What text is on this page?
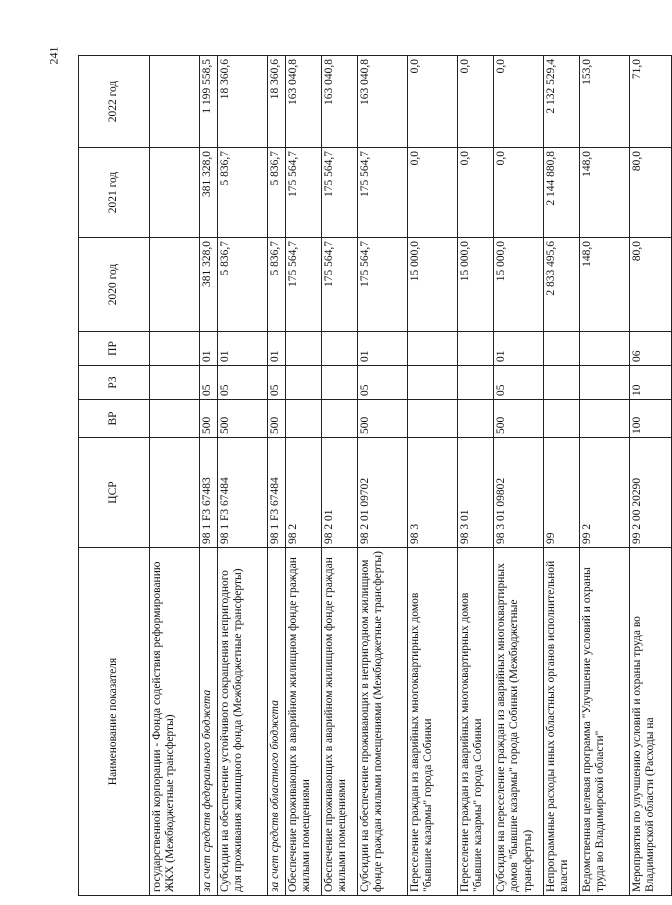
241
Наименование показателя	ЦСР	ВР	РЗ	ПР	2020 год	2021 год	2022 год
государственной корпорации - Фонда содействия реформированию ЖКХ (Межбюджетные трансферты)							
за счет средств федерального бюджета	98 1 F3 67483	500	05	01	381 328,0	381 328,0	1 199 558,5
Субсидии на обеспечение устойчивого сокращения непригодного для проживания жилищного фонда (Межбюджетные трансферты)	98 1 F3 67484	500	05	01	5 836,7	5 836,7	18 360,6
за счет средств областного бюджета	98 1 F3 67484	500	05	01	5 836,7	5 836,7	18 360,6
Обеспечение проживающих в аварийном жилищном фонде граждан жилыми помещениями	98 2				175 564,7	175 564,7	163 040,8
Обеспечение проживающих в аварийном жилищном фонде граждан жилыми помещениями	98 2 01				175 564,7	175 564,7	163 040,8
Субсидии на обеспечение проживающих в непригодном жилищном фонде граждан жилыми помещениями (Межбюджетные трансферты)	98 2 01 09702	500	05	01	175 564,7	175 564,7	163 040,8
Переселение граждан из аварийных многоквартирных домов "бывшие казармы" города Собинки	98 3				15 000,0	0,0	0,0
Переселение граждан из аварийных многоквартирных домов "бывшие казармы" города Собинки	98 3 01				15 000,0	0,0	0,0
Субсидия на переселение граждан из аварийных многоквартирных домов "бывшие казармы" города Собинки (Межбюджетные трансферты)	98 3 01 09802	500	05	01	15 000,0	0,0	0,0
Непрограммные расходы иных областных органов исполнительной власти	99				2 833 495,6	2 144 880,8	2 132 529,4
Ведомственная целевая программа "Улучшение условий и охраны труда во Владимирской области"	99 2				148,0	148,0	153,0
Мероприятия по улучшению условий и охраны труда во Владимирской области (Расходы на	99 2 00 20290	100	10	06	80,0	80,0	71,0
